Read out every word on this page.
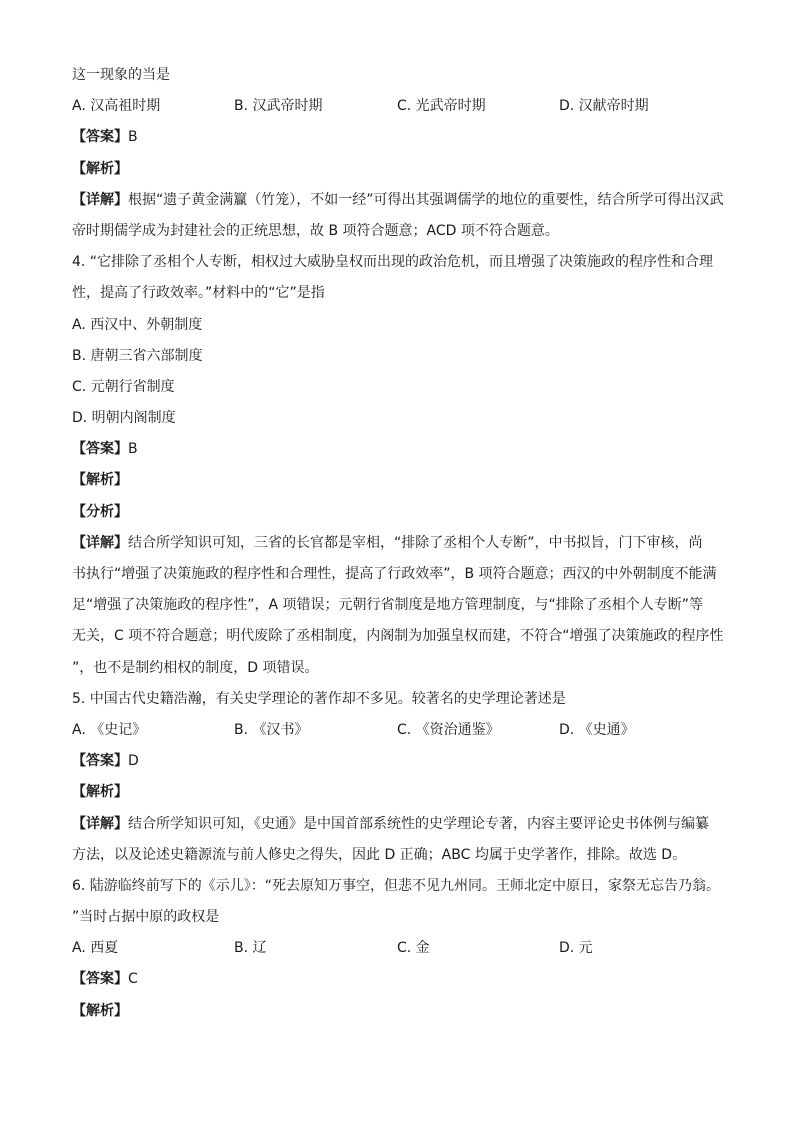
这一现象的当是
A. 汉高祖时期	B. 汉武帝时期	C. 光武帝时期	D. 汉献帝时期
【答案】B
【解析】
【详解】根据“遗子黄金满籯（竹笼），不如一经”可得出其强调儒学的地位的重要性，结合所学可得出汉武
帝时期儒学成为封建社会的正统思想，故 B 项符合题意；ACD 项不符合题意。
4. “它排除了丞相个人专断，相权过大威胁皇权而出现的政治危机，而且增强了决策施政的程序性和合理
性，提高了行政效率。”材料中的“它”是指
A. 西汉中、外朝制度
B. 唐朝三省六部制度
C. 元朝行省制度
D. 明朝内阁制度
【答案】B
【解析】
【分析】
【详解】结合所学知识可知，三省的长官都是宰相，“排除了丞相个人专断”，中书拟旨，门下审核，尚
书执行“增强了决策施政的程序性和合理性，提高了行政效率”，B 项符合题意；西汉的中外朝制度不能满
足“增强了决策施政的程序性”，A 项错误；元朝行省制度是地方管理制度，与“排除了丞相个人专断”等
无关，C 项不符合题意；明代废除了丞相制度，内阁制为加强皇权而建，不符合“增强了决策施政的程序性
”，也不是制约相权的制度，D 项错误。
5. 中国古代史籍浩瀚，有关史学理论的著作却不多见。较著名的史学理论著述是
A. 《史记》	B. 《汉书》	C. 《资治通鉴》	D. 《史通》
【答案】D
【解析】
【详解】结合所学知识可知，《史通》是中国首部系统性的史学理论专著，内容主要评论史书体例与编纂
方法，以及论述史籍源流与前人修史之得失，因此 D 正确；ABC 均属于史学著作，排除。故选 D。
6. 陆游临终前写下的《示儿》：“死去原知万事空，但悲不见九州同。王师北定中原日，家祭无忘告乃翁。
”当时占据中原的政权是
A. 西夏	B. 辽	C. 金	D. 元
【答案】C
【解析】
